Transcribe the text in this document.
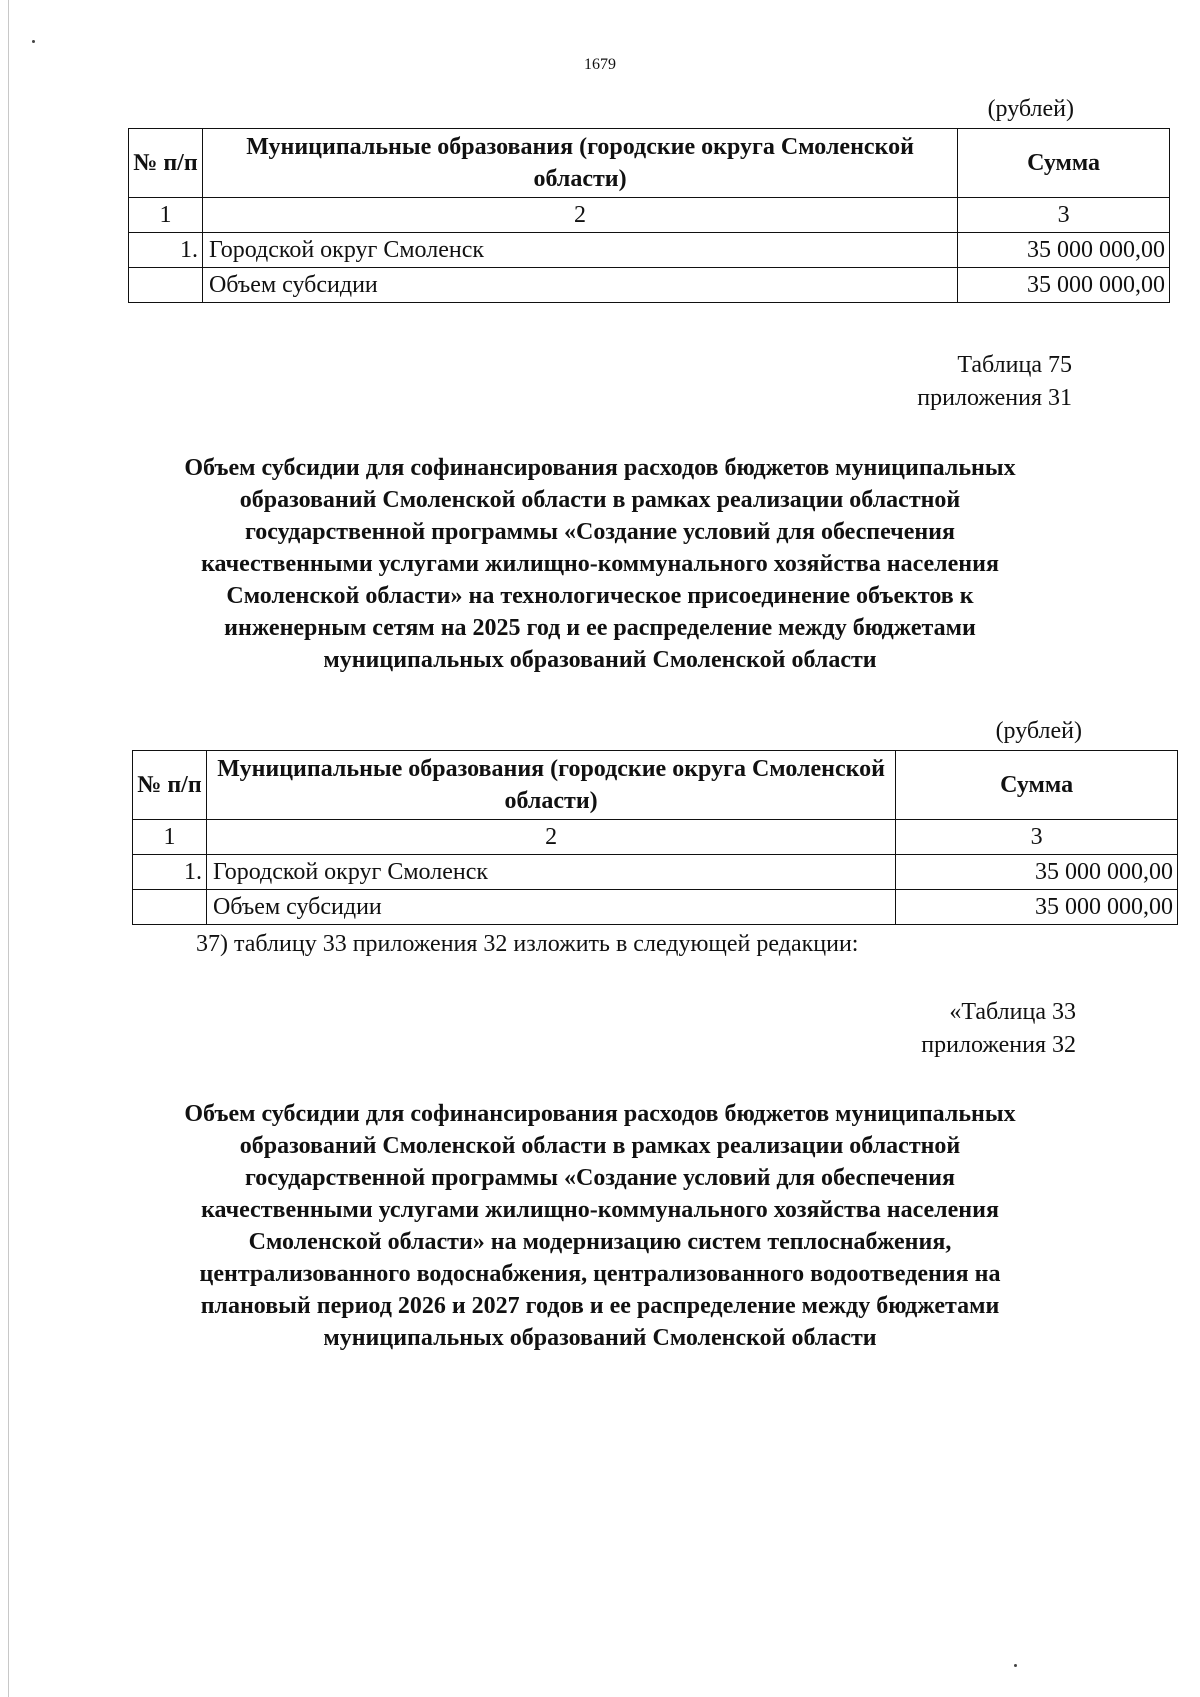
1679
(рублей)
№ п/п	Муниципальные образования (городские округа Смоленской области)	Сумма
1	2	3
1.	Городской округ Смоленск	35 000 000,00
	Объем субсидии	35 000 000,00
Таблица 75
приложения 31
Объем субсидии для софинансирования расходов бюджетов муниципальных
образований Смоленской области в рамках реализации областной
государственной программы «Создание условий для обеспечения
качественными услугами жилищно-коммунального хозяйства населения
Смоленской области» на технологическое присоединение объектов к
инженерным сетям на 2025 год и ее распределение между бюджетами
муниципальных образований Смоленской области
(рублей)
№ п/п	Муниципальные образования (городские округа Смоленской области)	Сумма
1	2	3
1.	Городской округ Смоленск	35 000 000,00
	Объем субсидии	35 000 000,00
37) таблицу 33 приложения 32 изложить в следующей редакции:
«Таблица 33
приложения 32
Объем субсидии для софинансирования расходов бюджетов муниципальных
образований Смоленской области в рамках реализации областной
государственной программы «Создание условий для обеспечения
качественными услугами жилищно-коммунального хозяйства населения
Смоленской области» на модернизацию систем теплоснабжения,
централизованного водоснабжения, централизованного водоотведения на
плановый период 2026 и 2027 годов и ее распределение между бюджетами
муниципальных образований Смоленской области
